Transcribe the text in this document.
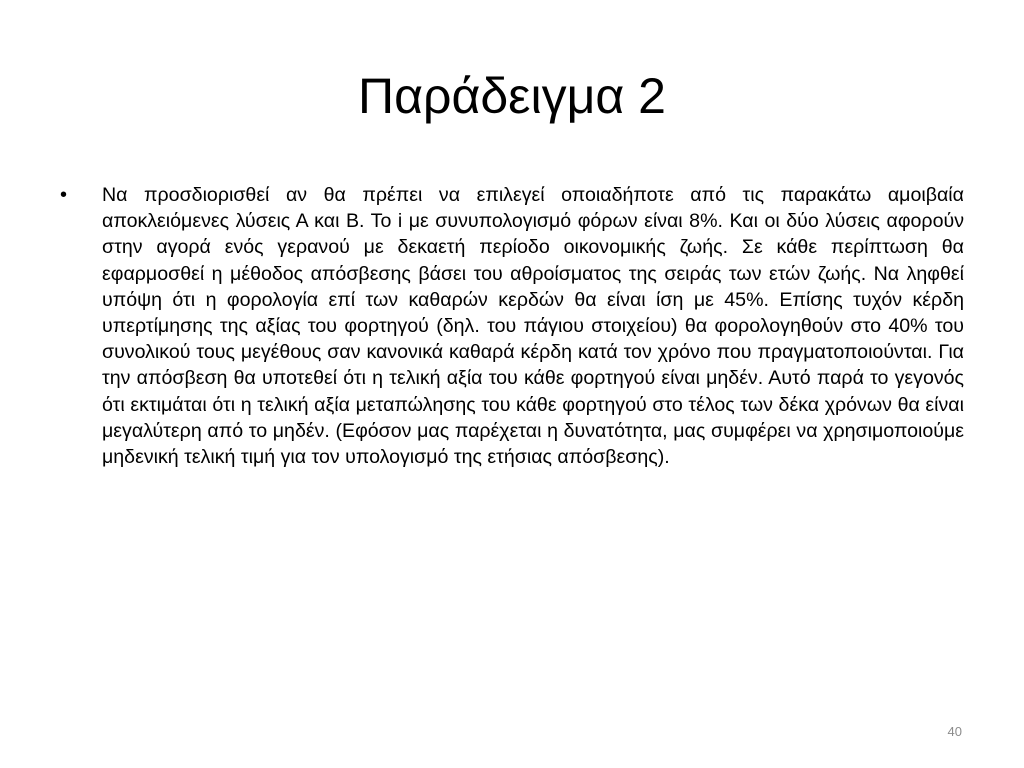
Παράδειγμα 2
• Να προσδιορισθεί αν θα πρέπει να επιλεγεί οποιαδήποτε από τις παρακάτω αμοιβαία αποκλειόμενες λύσεις Α και Β. Το i με συνυπολογισμό φόρων είναι 8%. Και οι δύο λύσεις αφορούν στην αγορά ενός γερανού με δεκαετή περίοδο οικονομικής ζωής. Σε κάθε περίπτωση θα εφαρμοσθεί η μέθοδος απόσβεσης βάσει του αθροίσματος της σειράς των ετών ζωής. Να ληφθεί υπόψη ότι η φορολογία επί των καθαρών κερδών θα είναι ίση με 45%. Επίσης τυχόν κέρδη υπερτίμησης της αξίας του φορτηγού (δηλ. του πάγιου στοιχείου) θα φορολογηθούν στο 40% του συνολικού τους μεγέθους σαν κανονικά καθαρά κέρδη κατά τον χρόνο που πραγματοποιούνται. Για την απόσβεση θα υποτεθεί ότι η τελική αξία του κάθε φορτηγού είναι μηδέν. Αυτό παρά το γεγονός ότι εκτιμάται ότι η τελική αξία μεταπώλησης του κάθε φορτηγού στο τέλος των δέκα χρόνων θα είναι μεγαλύτερη από το μηδέν. (Εφόσον μας παρέχεται η δυνατότητα, μας συμφέρει να χρησιμοποιούμε μηδενική τελική τιμή για τον υπολογισμό της ετήσιας απόσβεσης).
40
